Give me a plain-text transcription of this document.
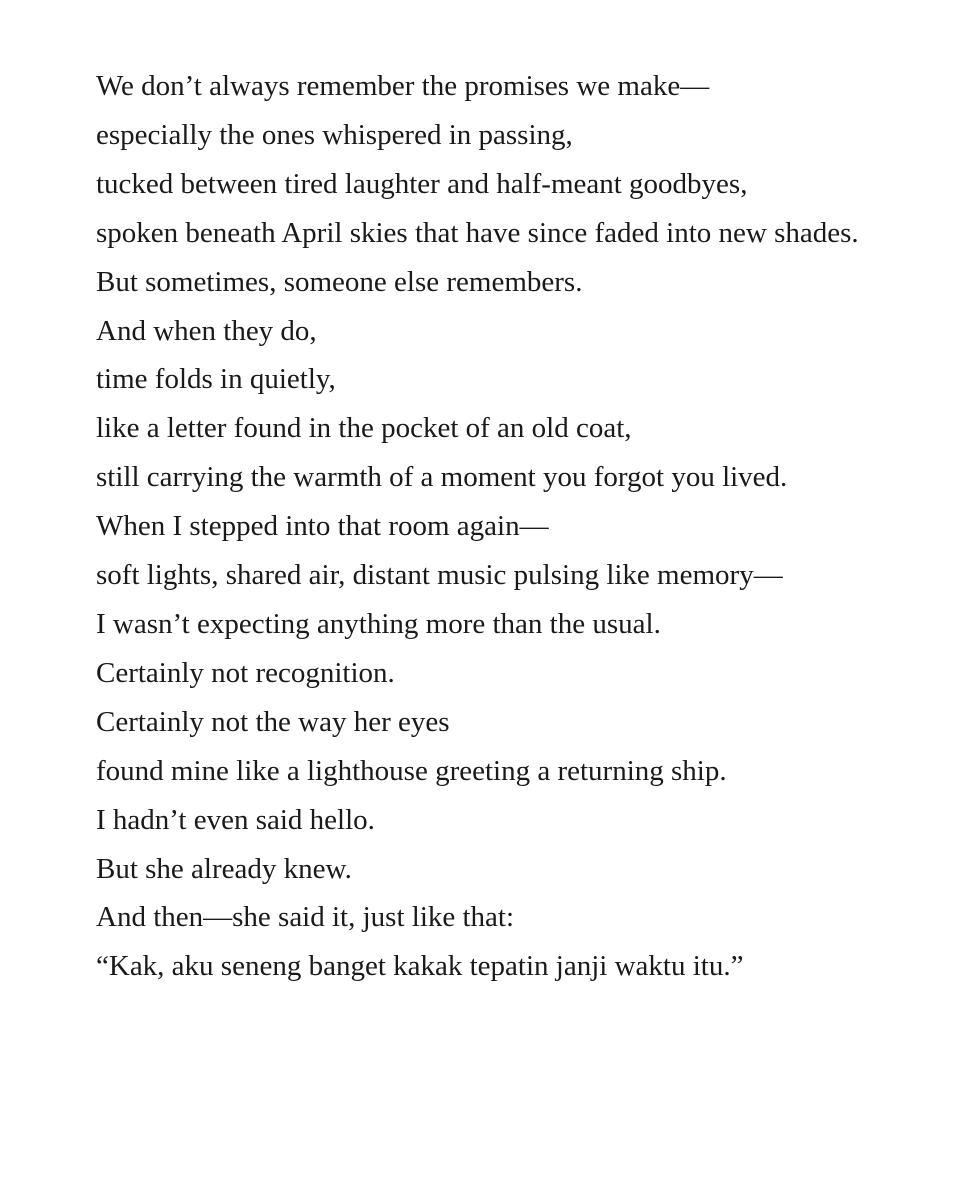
We don’t always remember the promises we make—

especially the ones whispered in passing,

tucked between tired laughter and half-meant goodbyes,

spoken beneath April skies that have since faded into new shades.

But sometimes, someone else remembers.

And when they do,

time folds in quietly,

like a letter found in the pocket of an old coat,

still carrying the warmth of a moment you forgot you lived.

When I stepped into that room again—

soft lights, shared air, distant music pulsing like memory—

I wasn’t expecting anything more than the usual.

Certainly not recognition.

Certainly not the way her eyes

found mine like a lighthouse greeting a returning ship.

I hadn’t even said hello.

But she already knew.

And then—she said it, just like that:

“Kak, aku seneng banget kakak tepatin janji waktu itu.”
